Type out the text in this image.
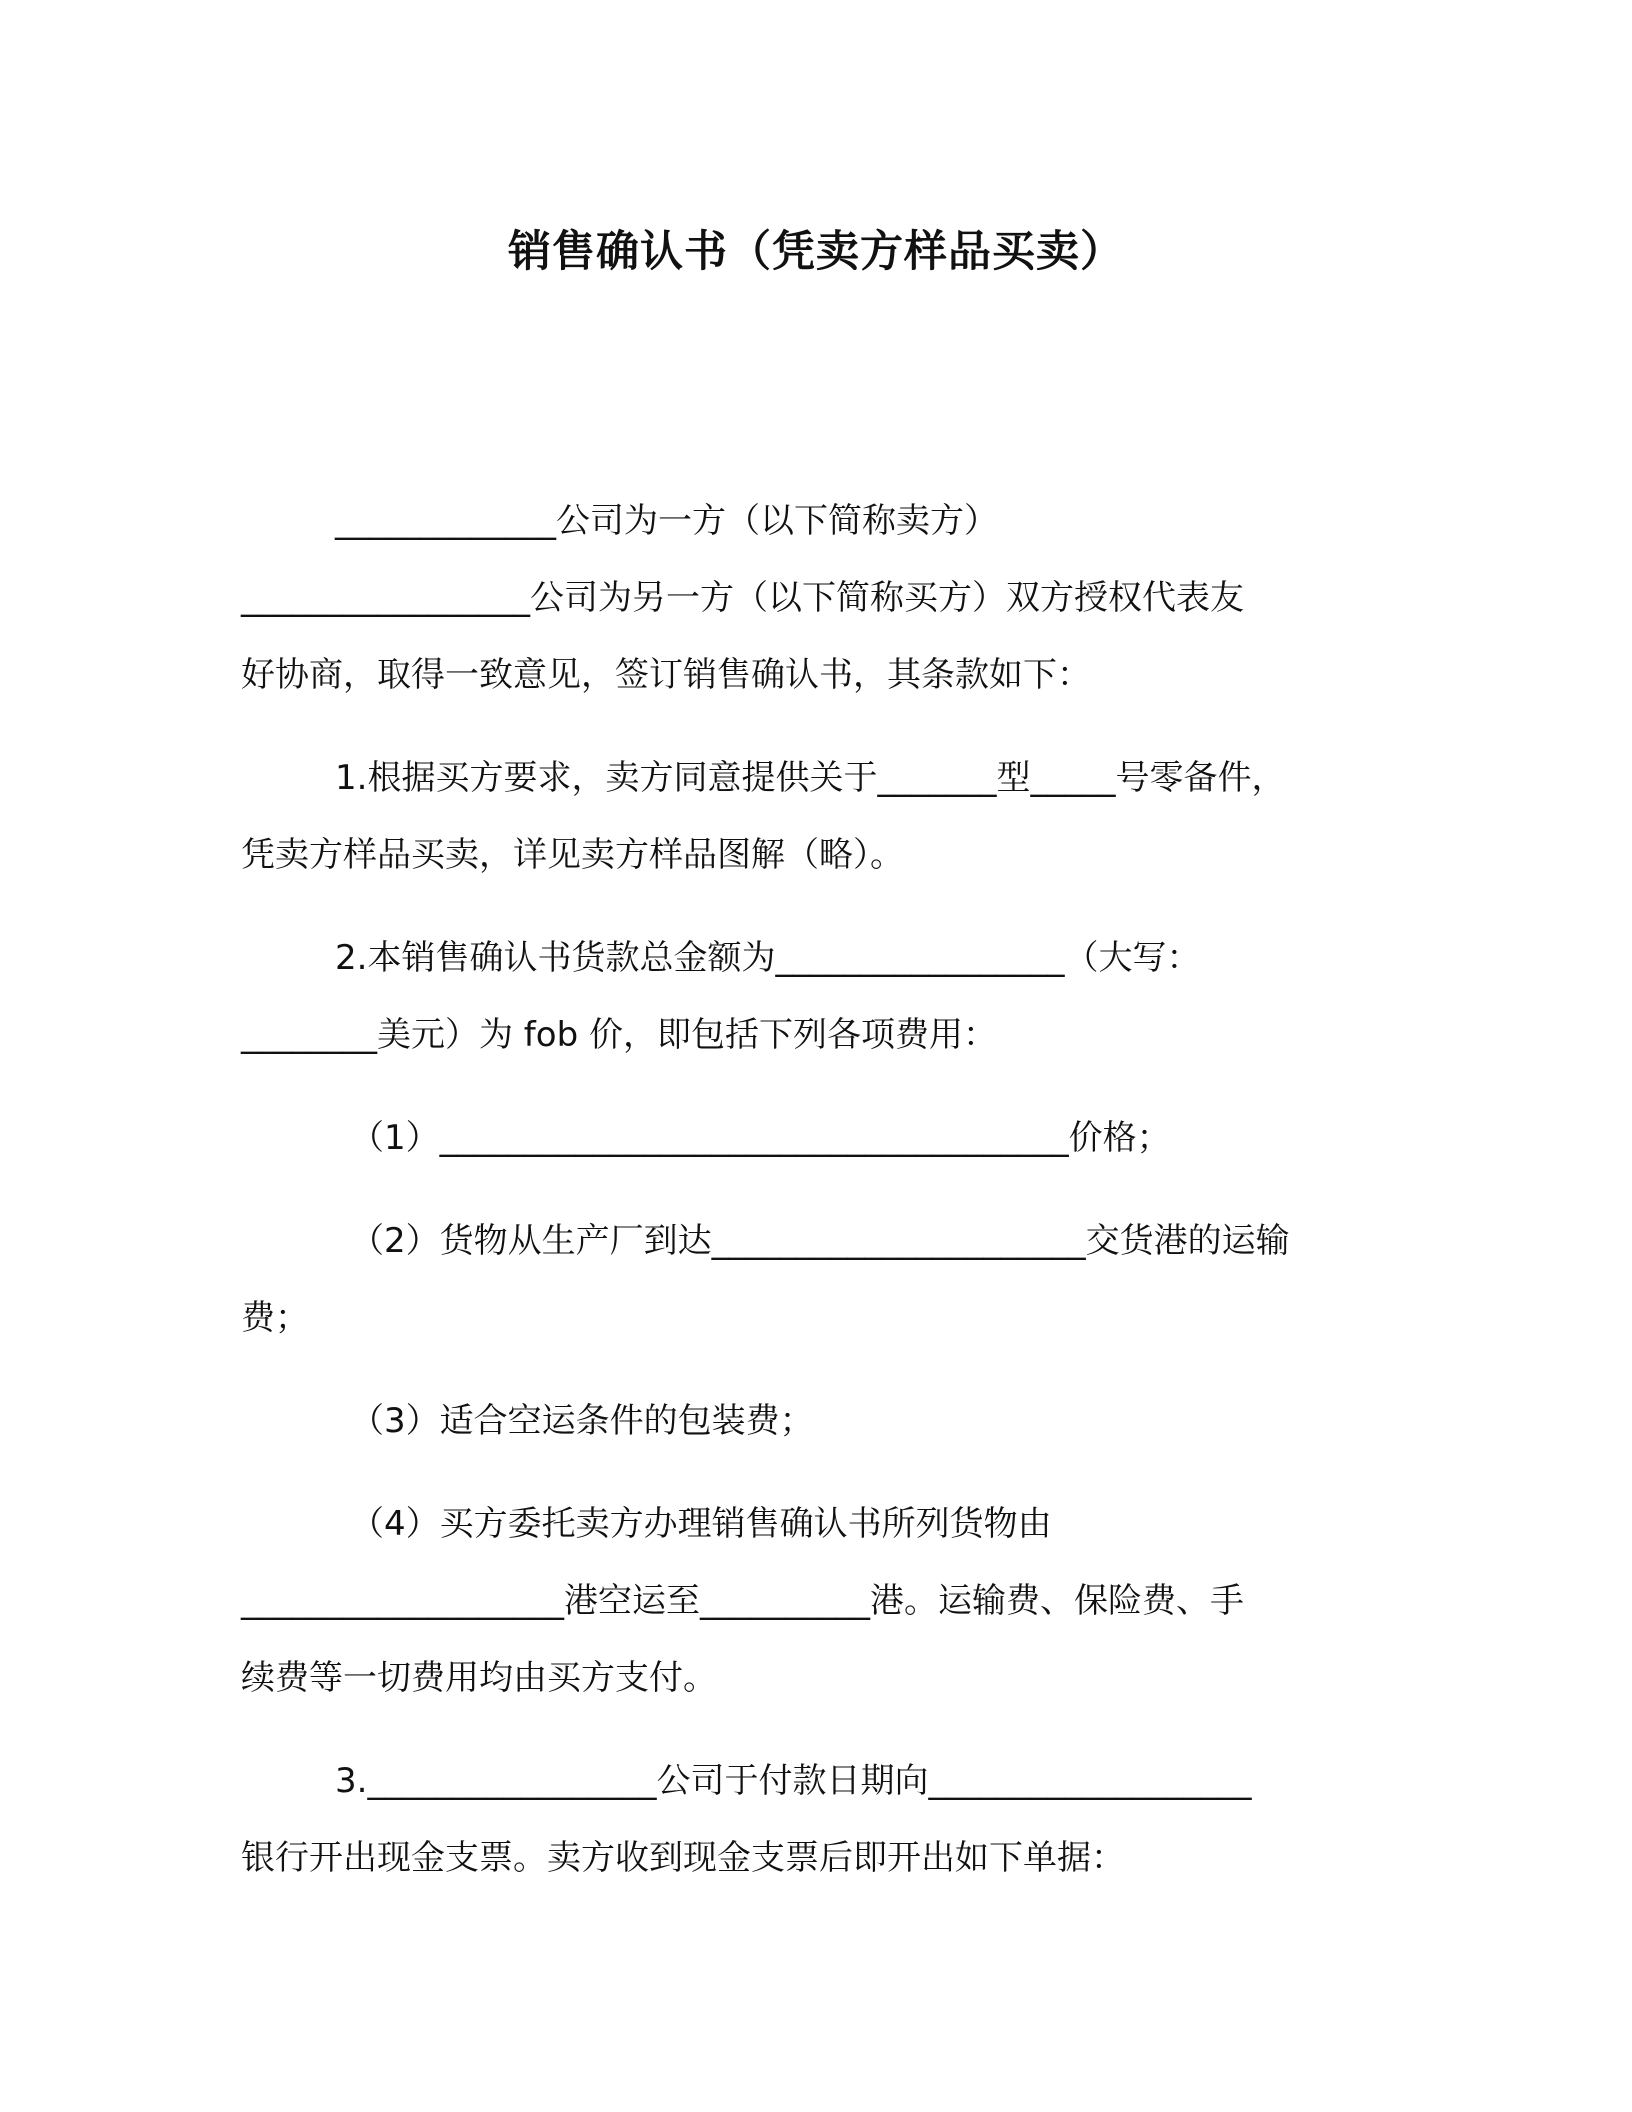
销售确认书（凭卖方样品买卖）
_____________公司为一方（以下简称卖方）
_________________公司为另一方（以下简称买方）双方授权代表友
好协商，取得一致意见，签订销售确认书，其条款如下：
1.根据买方要求，卖方同意提供关于_______型_____号零备件，
凭卖方样品买卖，详见卖方样品图解（略）。
2.本销售确认书货款总金额为_________________（大写：
________美元）为 fob 价，即包括下列各项费用：
（1）_____________________________________价格；
（2）货物从生产厂到达______________________交货港的运输
费；
（3）适合空运条件的包装费；
（4）买方委托卖方办理销售确认书所列货物由
___________________港空运至__________港。运输费、保险费、手
续费等一切费用均由买方支付。
3._________________公司于付款日期向___________________
银行开出现金支票。卖方收到现金支票后即开出如下单据：
